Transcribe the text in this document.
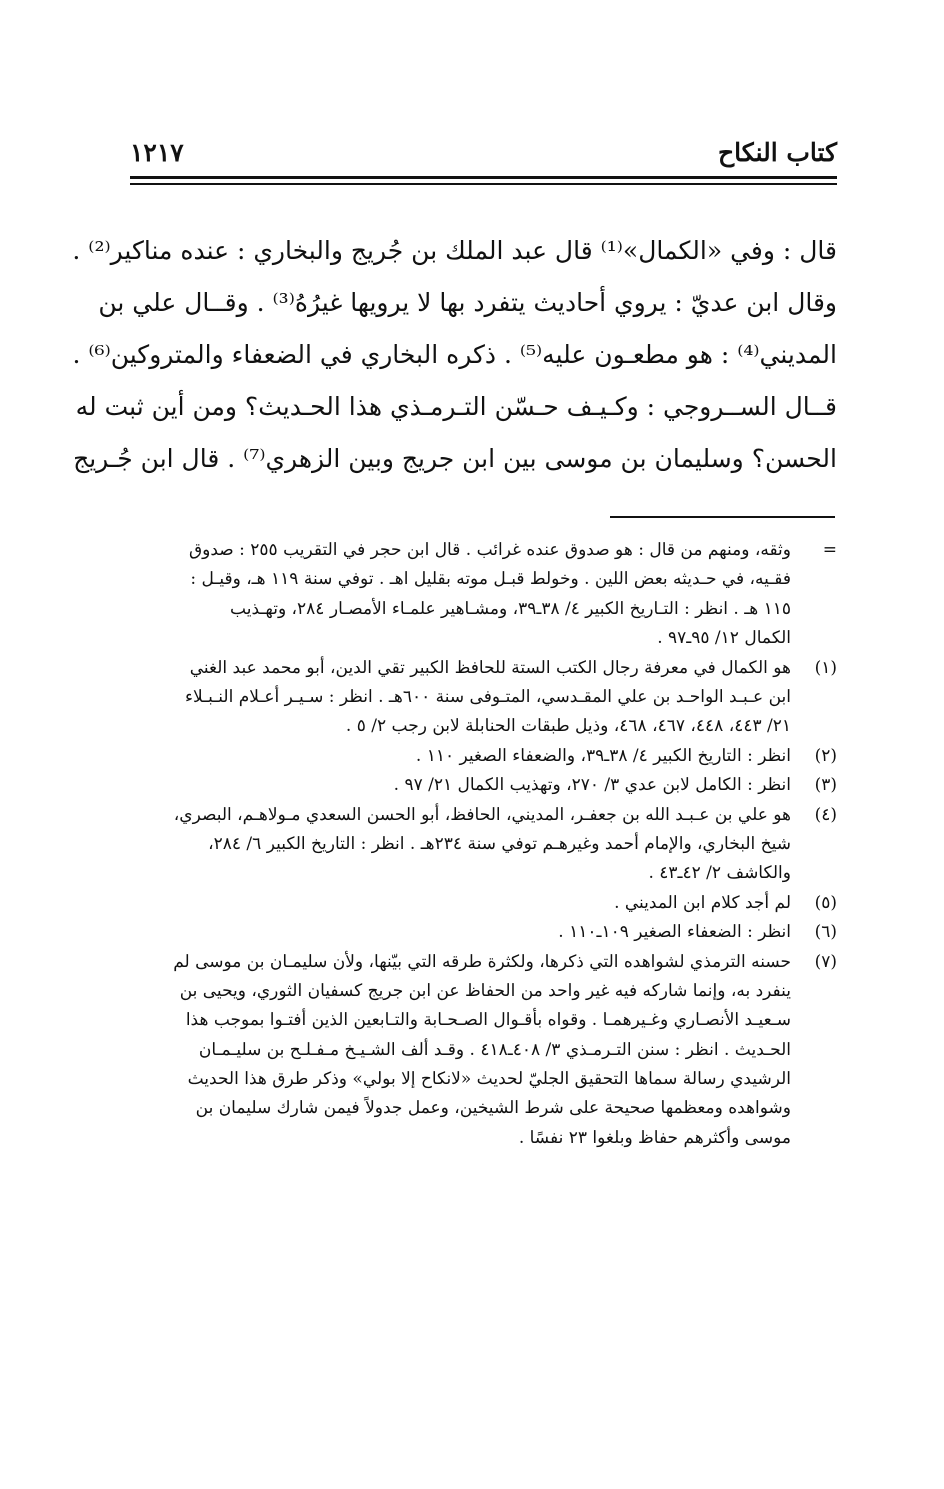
كتاب النكاح
١٢١٧
قال : وفي «الكمال»⁽¹⁾ قال عبد الملك بن جُريج والبخاري : عنده مناكير⁽²⁾ .
وقال ابن عديّ : يروي أحاديث يتفرد بها لا يرويها غيرُهُ⁽³⁾ . وقــال علي بن
المديني⁽⁴⁾ : هو مطعـون عليه⁽⁵⁾ . ذكره البخاري في الضعفاء والمتروكين⁽⁶⁾ .
قــال الســروجي : وكـيـف حـسّن التـرمـذي هذا الحـديث؟ ومن أين ثبت له
الحسن؟ وسليمان بن موسى بين ابن جريج وبين الزهري⁽⁷⁾ . قال ابن جُـريج
=
وثقه، ومنهم من قال : هو صدوق عنده غرائب . قال ابن حجر في التقريب ٢٥٥ : صدوق
فقـيه، في حـديثه بعض اللين . وخولط قبـل موته بقليل اهـ . توفي سنة ١١٩ هـ، وقيـل :
١١٥ هـ . انظر : التـاريخ الكبير ٤/ ٣٨ـ٣٩، ومشـاهير علمـاء الأمصـار ٢٨٤، وتهـذيب
الكمال ١٢/ ٩٥ـ٩٧ .
(١)
هو الكمال في معرفة رجال الكتب الستة للحافظ الكبير تقي الدين، أبو محمد عبد الغني
ابن عـبـد الواحـد بن علي المقـدسي، المتـوفى سنة ٦٠٠هـ . انظر : سـيـر أعـلام النـبـلاء
٢١/ ٤٤٣، ٤٤٨، ٤٦٧، ٤٦٨، وذيل طبقات الحنابلة لابن رجب ٢/ ٥ .
(٢)
انظر : التاريخ الكبير ٤/ ٣٨ـ٣٩، والضعفاء الصغير ١١٠ .
(٣)
انظر : الكامل لابن عدي ٣/ ٢٧٠، وتهذيب الكمال ٢١/ ٩٧ .
(٤)
هو علي بن عـبـد الله بن جعفـر، المديني، الحافظ، أبو الحسن السعدي مـولاهـم، البصري،
شيخ البخاري، والإمام أحمد وغيرهـم توفي سنة ٢٣٤هـ . انظر : التاريخ الكبير ٦/ ٢٨٤،
والكاشف ٢/ ٤٢ـ٤٣ .
(٥)
لم أجد كلام ابن المديني .
(٦)
انظر : الضعفاء الصغير ١٠٩ـ١١٠ .
(٧)
حسنه الترمذي لشواهده التي ذكرها، ولكثرة طرقه التي بيّنها، ولأن سليمـان بن موسى لم
ينفرد به، وإنما شاركه فيه غير واحد من الحفاظ عن ابن جريج كسفيان الثوري، ويحيى بن
سـعيـد الأنصـاري وغـيرهمـا . وقواه بأقـوال الصـحـابة والتـابعين الذين أفتـوا بموجب هذا
الحـديث . انظر : سنن التـرمـذي ٣/ ٤٠٨ـ٤١٨ . وقـد ألف الشـيـخ مـفـلـح بن سليـمـان
الرشيدي رسالة سماها التحقيق الجليّ لحديث «لانكاح إلا بولي» وذكر طرق هذا الحديث
وشواهده ومعظمها صحيحة على شرط الشيخين، وعمل جدولاً فيمن شارك سليمان بن
موسى وأكثرهم حفاظ وبلغوا ٢٣ نفسًا .
